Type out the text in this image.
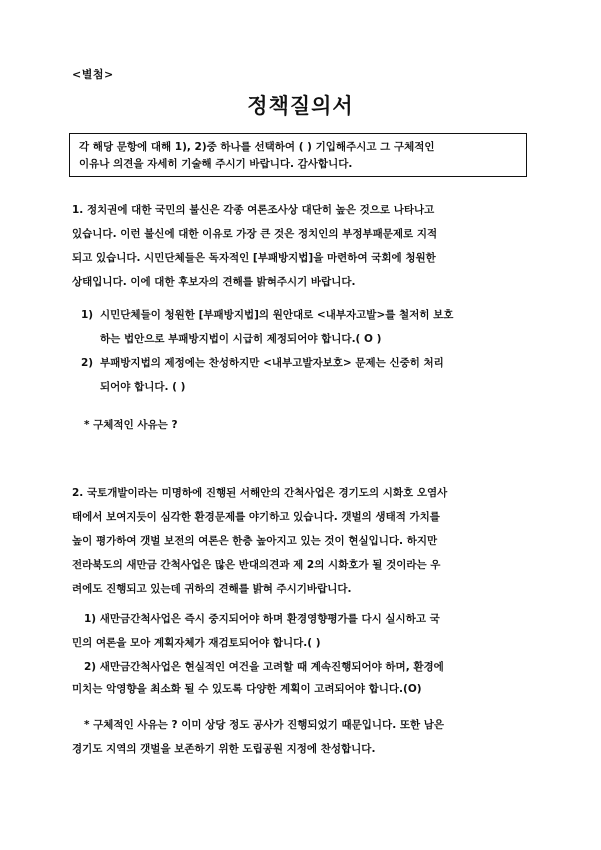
<별첨>
정책질의서
각 해당 문항에 대해 1), 2)중 하나를 선택하여 ( ) 기입해주시고 그 구체적인
이유나 의견을 자세히 기술해 주시기 바랍니다. 감사합니다.
1. 정치권에 대한 국민의 불신은 각종 여론조사상 대단히 높은 것으로 나타나고
있습니다. 이런 불신에 대한 이유로 가장 큰 것은 정치인의 부정부패문제로 지적
되고 있습니다. 시민단체들은 독자적인 [부패방지법]을 마련하여 국회에 청원한
상태입니다. 이에 대한 후보자의 견해를 밝혀주시기 바랍니다.
1) 시민단체들이 청원한 [부패방지법]의 원안대로 <내부자고발>를 철저히 보호
하는 법안으로 부패방지법이 시급히 제정되어야 합니다.( O )
2) 부패방지법의 제정에는 찬성하지만 <내부고발자보호> 문제는 신중히 처리
되어야 합니다. ( )
* 구체적인 사유는 ?
2. 국토개발이라는 미명하에 진행된 서해안의 간척사업은 경기도의 시화호 오염사
태에서 보여지듯이 심각한 환경문제를 야기하고 있습니다. 갯벌의 생태적 가치를
높이 평가하여 갯벌 보전의 여론은 한층 높아지고 있는 것이 현실입니다. 하지만
전라북도의 새만금 간척사업은 많은 반대의견과 제 2의 시화호가 될 것이라는 우
려에도 진행되고 있는데 귀하의 견해를 밝혀 주시기바랍니다.
1) 새만금간척사업은 즉시 중지되어야 하며 환경영향평가를 다시 실시하고 국
민의 여론을 모아 계획자체가 재검토되어야 합니다.( )
2) 새만금간척사업은 현실적인 여건을 고려할 때 계속진행되어야 하며, 환경에
미치는 악영향을 최소화 될 수 있도록 다양한 계획이 고려되어야 합니다.(O)
* 구체적인 사유는 ? 이미 상당 정도 공사가 진행되었기 때문입니다. 또한 남은
경기도 지역의 갯벌을 보존하기 위한 도립공원 지정에 찬성합니다.
